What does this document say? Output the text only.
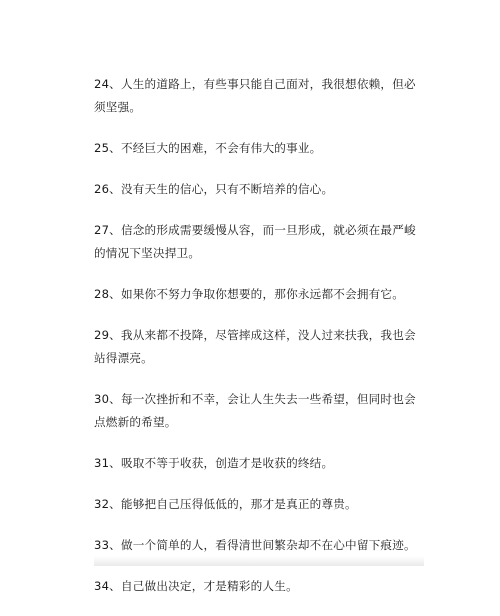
24、人生的道路上，有些事只能自己面对，我很想依赖，但必须坚强。
25、不经巨大的困难，不会有伟大的事业。
26、没有天生的信心，只有不断培养的信心。
27、信念的形成需要缓慢从容，而一旦形成，就必须在最严峻的情况下坚决捍卫。
28、如果你不努力争取你想要的，那你永远都不会拥有它。
29、我从来都不投降，尽管摔成这样，没人过来扶我，我也会站得漂亮。
30、每一次挫折和不幸，会让人生失去一些希望，但同时也会点燃新的希望。
31、吸取不等于收获，创造才是收获的终结。
32、能够把自己压得低低的，那才是真正的尊贵。
33、做一个简单的人，看得清世间繁杂却不在心中留下痕迹。
34、自己做出决定，才是精彩的人生。
